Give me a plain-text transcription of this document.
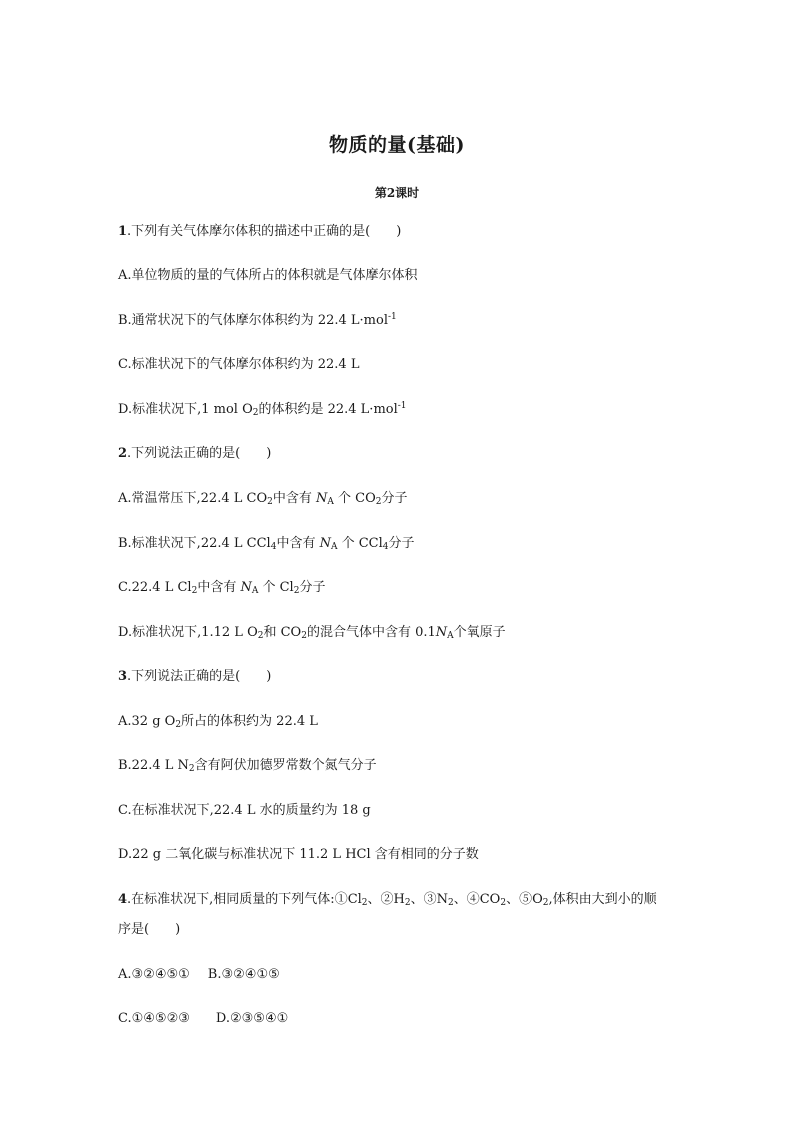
物质的量(基础)
第2课时
1.下列有关气体摩尔体积的描述中正确的是(　　)
A.单位物质的量的气体所占的体积就是气体摩尔体积
B.通常状况下的气体摩尔体积约为 22.4 L·mol$^{-1}$
C.标准状况下的气体摩尔体积约为 22.4 L
D.标准状况下,1 mol $O_2$的体积约是 22.4 L·mol$^{-1}$
2.下列说法正确的是(　　)
A.常温常压下,22.4 L $CO_2$中含有 $N_A$ 个 $CO_2$分子
B.标准状况下,22.4 L CCl$_4$中含有 $N_A$ 个 CCl$_4$分子
C.22.4 L $Cl_2$中含有 $N_A$ 个 $Cl_2$分子
D.标准状况下,1.12 L $O_2$和 $CO_2$的混合气体中含有 $0.1N_A$个氧原子
3.下列说法正确的是(　　)
A.32 g $O_2$所占的体积约为 22.4 L
B.22.4 L $N_2$含有阿伏加德罗常数个氮气分子
C.在标准状况下,22.4 L 水的质量约为 18 g
D.22 g 二氧化碳与标准状况下 11.2 L HCl 含有相同的分子数
4.在标准状况下,相同质量的下列气体$:①Cl_2$、$②H_2$、$③N_2$、$④CO_2$、$⑤O_2$,体积由大到小的顺
序是(　　)
A.③②④⑤① B.③②④①⑤
C.①④⑤②③ D.②③⑤④①
